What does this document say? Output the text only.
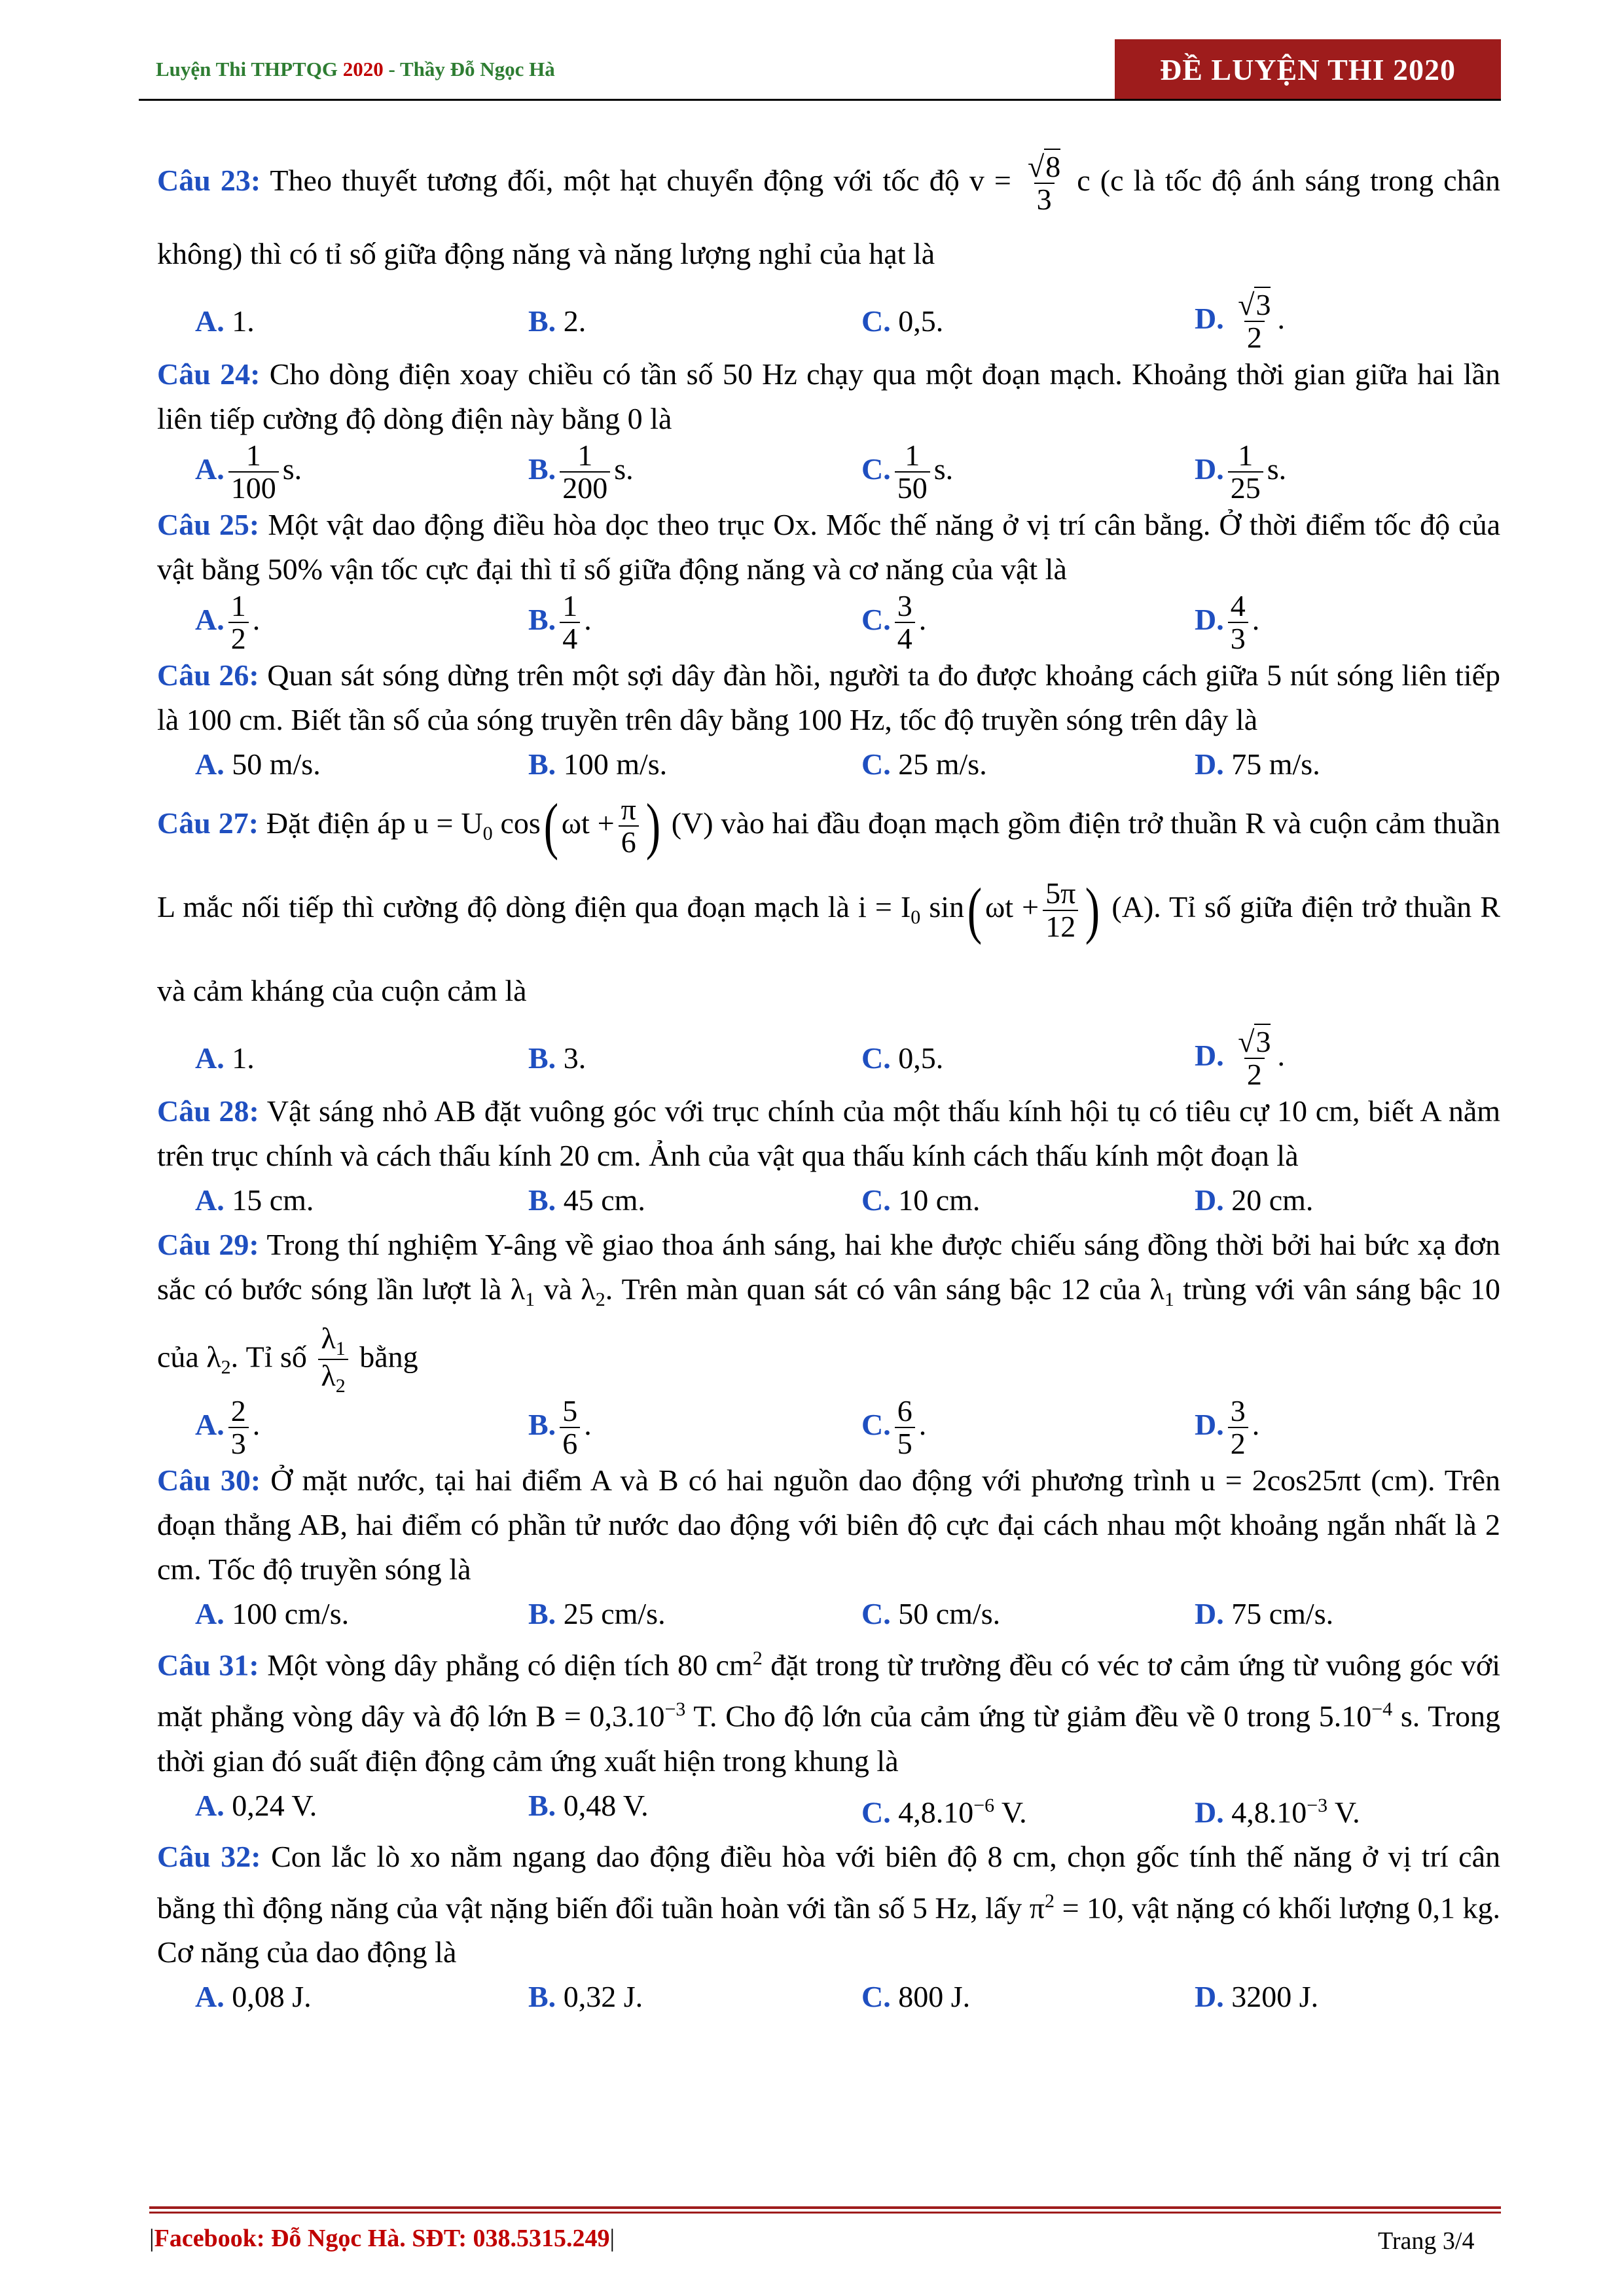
Luyện Thi THPTQG 2020 - Thầy Đỗ Ngọc Hà	ĐỀ LUYỆN THI 2020

Câu 23: Theo thuyết tương đối, một hạt chuyển động với tốc độ $v = \frac{√8}{3}$ c (c là tốc độ ánh sáng trong chân không) thì có tỉ số giữa động năng và năng lượng nghỉ của hạt là

A. 1.	B. 2.	C. 0,5.	D. $\frac{√3}{2}$ .

Câu 24: Cho dòng điện xoay chiều có tần số 50 Hz chạy qua một đoạn mạch. Khoảng thời gian giữa hai lần liên tiếp cường độ dòng điện này bằng 0 là

A. $\frac{1}{100} s$.	B. $\frac{1}{200} s$.	C. $\frac{1}{50} s$.	D. $\frac{1}{25} s$.

Câu 25: Một vật dao động điều hòa dọc theo trục Ox. Mốc thế năng ở vị trí cân bằng. Ở thời điểm tốc độ của vật bằng 50% vận tốc cực đại thì tỉ số giữa động năng và cơ năng của vật là

A. $\frac{1}{2}$ .	B. $\frac{1}{4}$ .	C. $\frac{3}{4}$ .	D. $\frac{4}{3}$ .

Câu 26: Quan sát sóng dừng trên một sợi dây đàn hồi, người ta đo được khoảng cách giữa 5 nút sóng liên tiếp là 100 cm. Biết tần số của sóng truyền trên dây bằng 100 Hz, tốc độ truyền sóng trên dây là

A. 50 m/s.	B. 100 m/s.	C. 25 m/s.	D. 75 m/s.

Câu 27: Đặt điện áp $u = U_0$ cos( $\omega t + \frac{\pi}{6}$ ) (V) vào hai đầu đoạn mạch gồm điện trở thuần R và cuộn cảm thuần L mắc nối tiếp thì cường độ dòng điện qua đoạn mạch là $i = I_0$ sin( $\omega t + \frac{5\pi}{12}$ ) (A). Tỉ số giữa điện trở thuần R và cảm kháng của cuộn cảm là

A. 1.	B. 3.	C. 0,5.	D. $\frac{√3}{2}$ .

Câu 28: Vật sáng nhỏ AB đặt vuông góc với trục chính của một thấu kính hội tụ có tiêu cự 10 cm, biết A nằm trên trục chính và cách thấu kính 20 cm. Ảnh của vật qua thấu kính cách thấu kính một đoạn là

A. 15 cm.	B. 45 cm.	C. 10 cm.	D. 20 cm.

Câu 29: Trong thí nghiệm Y-âng về giao thoa ánh sáng, hai khe được chiếu sáng đồng thời bởi hai bức xạ đơn sắc có bước sóng lần lượt là $\lambda_1$ và $\lambda_2$. Trên màn quan sát có vân sáng bậc 12 của $\lambda_1$ trùng với vân sáng bậc 10 của $\lambda_2$. Tỉ số $\frac{\lambda_1}{\lambda_2}$ bằng

A. $\frac{2}{3}$ .	B. $\frac{5}{6}$ .	C. $\frac{6}{5}$ .	D. $\frac{3}{2}$ .

Câu 30: Ở mặt nước, tại hai điểm A và B có hai nguồn dao động với phương trình u = 2cos25πt (cm). Trên đoạn thẳng AB, hai điểm có phần tử nước dao động với biên độ cực đại cách nhau một khoảng ngắn nhất là 2 cm. Tốc độ truyền sóng là

A. 100 cm/s.	B. 25 cm/s.	C. 50 cm/s.	D. 75 cm/s.

Câu 31: Một vòng dây phẳng có diện tích 80 $cm^2$ đặt trong từ trường đều có véc tơ cảm ứng từ vuông góc với mặt phẳng vòng dây và độ lớn $B = 0,3.10^{-3}$ T. Cho độ lớn của cảm ứng từ giảm đều về 0 trong $5.10^{-4}$ s. Trong thời gian đó suất điện động cảm ứng xuất hiện trong khung là

A. 0,24 V.	B. 0,48 V.	C. $4,8.10^{-6}$ V.	D. $4,8.10^{-3}$ V.

Câu 32: Con lắc lò xo nằm ngang dao động điều hòa với biên độ 8 cm, chọn gốc tính thế năng ở vị trí cân bằng thì động năng của vật nặng biến đổi tuần hoàn với tần số 5 Hz, lấy $\pi^2 = 10$, vật nặng có khối lượng 0,1 kg. Cơ năng của dao động là

A. 0,08 J.	B. 0,32 J.	C. 800 J.	D. 3200 J.
|Facebook: Đỗ Ngọc Hà. SĐT: 038.5315.249|	Trang 3/4
